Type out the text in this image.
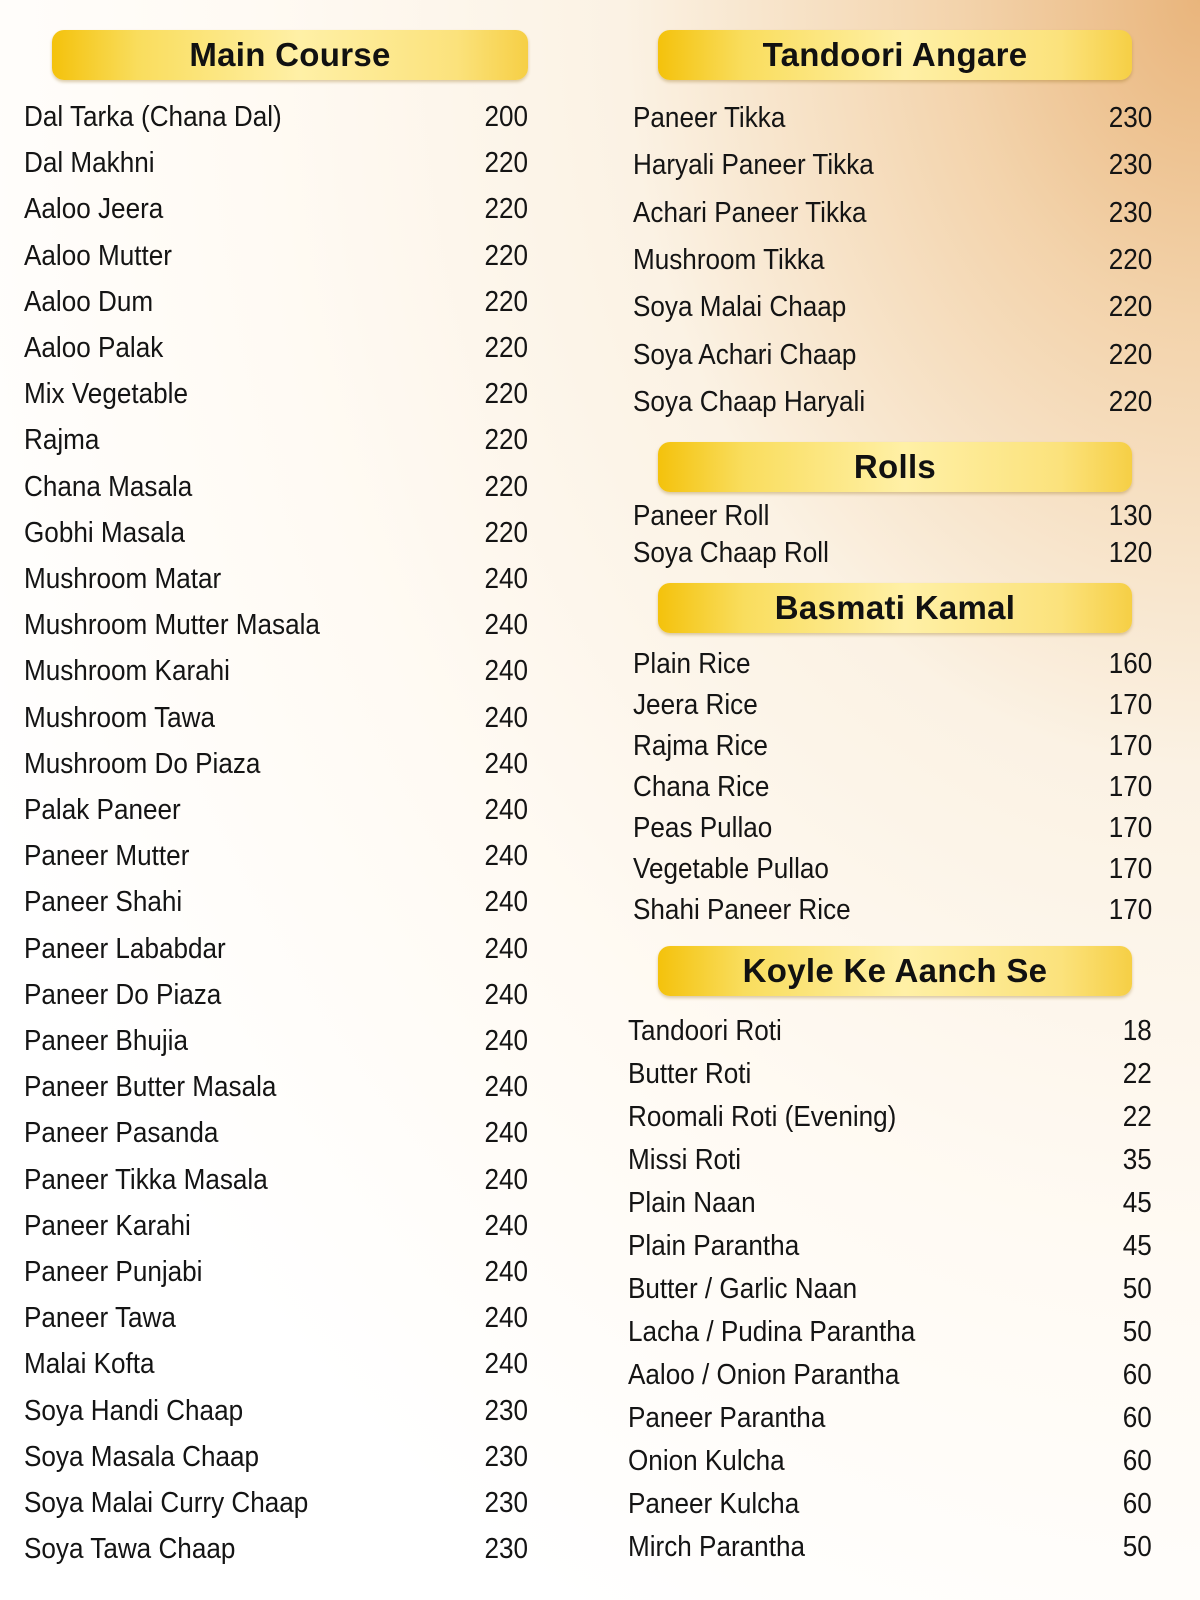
Main Course
Dal Tarka (Chana Dal)	200
Dal Makhni	220
Aaloo Jeera	220
Aaloo Mutter	220
Aaloo Dum	220
Aaloo Palak	220
Mix Vegetable	220
Rajma	220
Chana Masala	220
Gobhi Masala	220
Mushroom Matar	240
Mushroom Mutter Masala	240
Mushroom Karahi	240
Mushroom Tawa	240
Mushroom Do Piaza	240
Palak Paneer	240
Paneer Mutter	240
Paneer Shahi	240
Paneer Lababdar	240
Paneer Do Piaza	240
Paneer Bhujia	240
Paneer Butter Masala	240
Paneer Pasanda	240
Paneer Tikka Masala	240
Paneer Karahi	240
Paneer Punjabi	240
Paneer Tawa	240
Malai Kofta	240
Soya Handi Chaap	230
Soya Masala Chaap	230
Soya Malai Curry Chaap	230
Soya Tawa Chaap	230
Tandoori Angare
Paneer Tikka	230
Haryali Paneer Tikka	230
Achari Paneer Tikka	230
Mushroom Tikka	220
Soya Malai Chaap	220
Soya Achari Chaap	220
Soya Chaap Haryali	220
Rolls
Paneer Roll	130
Soya Chaap Roll	120
Basmati Kamal
Plain Rice	160
Jeera Rice	170
Rajma Rice	170
Chana Rice	170
Peas Pullao	170
Vegetable Pullao	170
Shahi Paneer Rice	170
Koyle Ke Aanch Se
Tandoori Roti	18
Butter Roti	22
Roomali Roti (Evening)	22
Missi Roti	35
Plain Naan	45
Plain Parantha	45
Butter / Garlic Naan	50
Lacha / Pudina Parantha	50
Aaloo / Onion Parantha	60
Paneer Parantha	60
Onion Kulcha	60
Paneer Kulcha	60
Mirch Parantha	50
